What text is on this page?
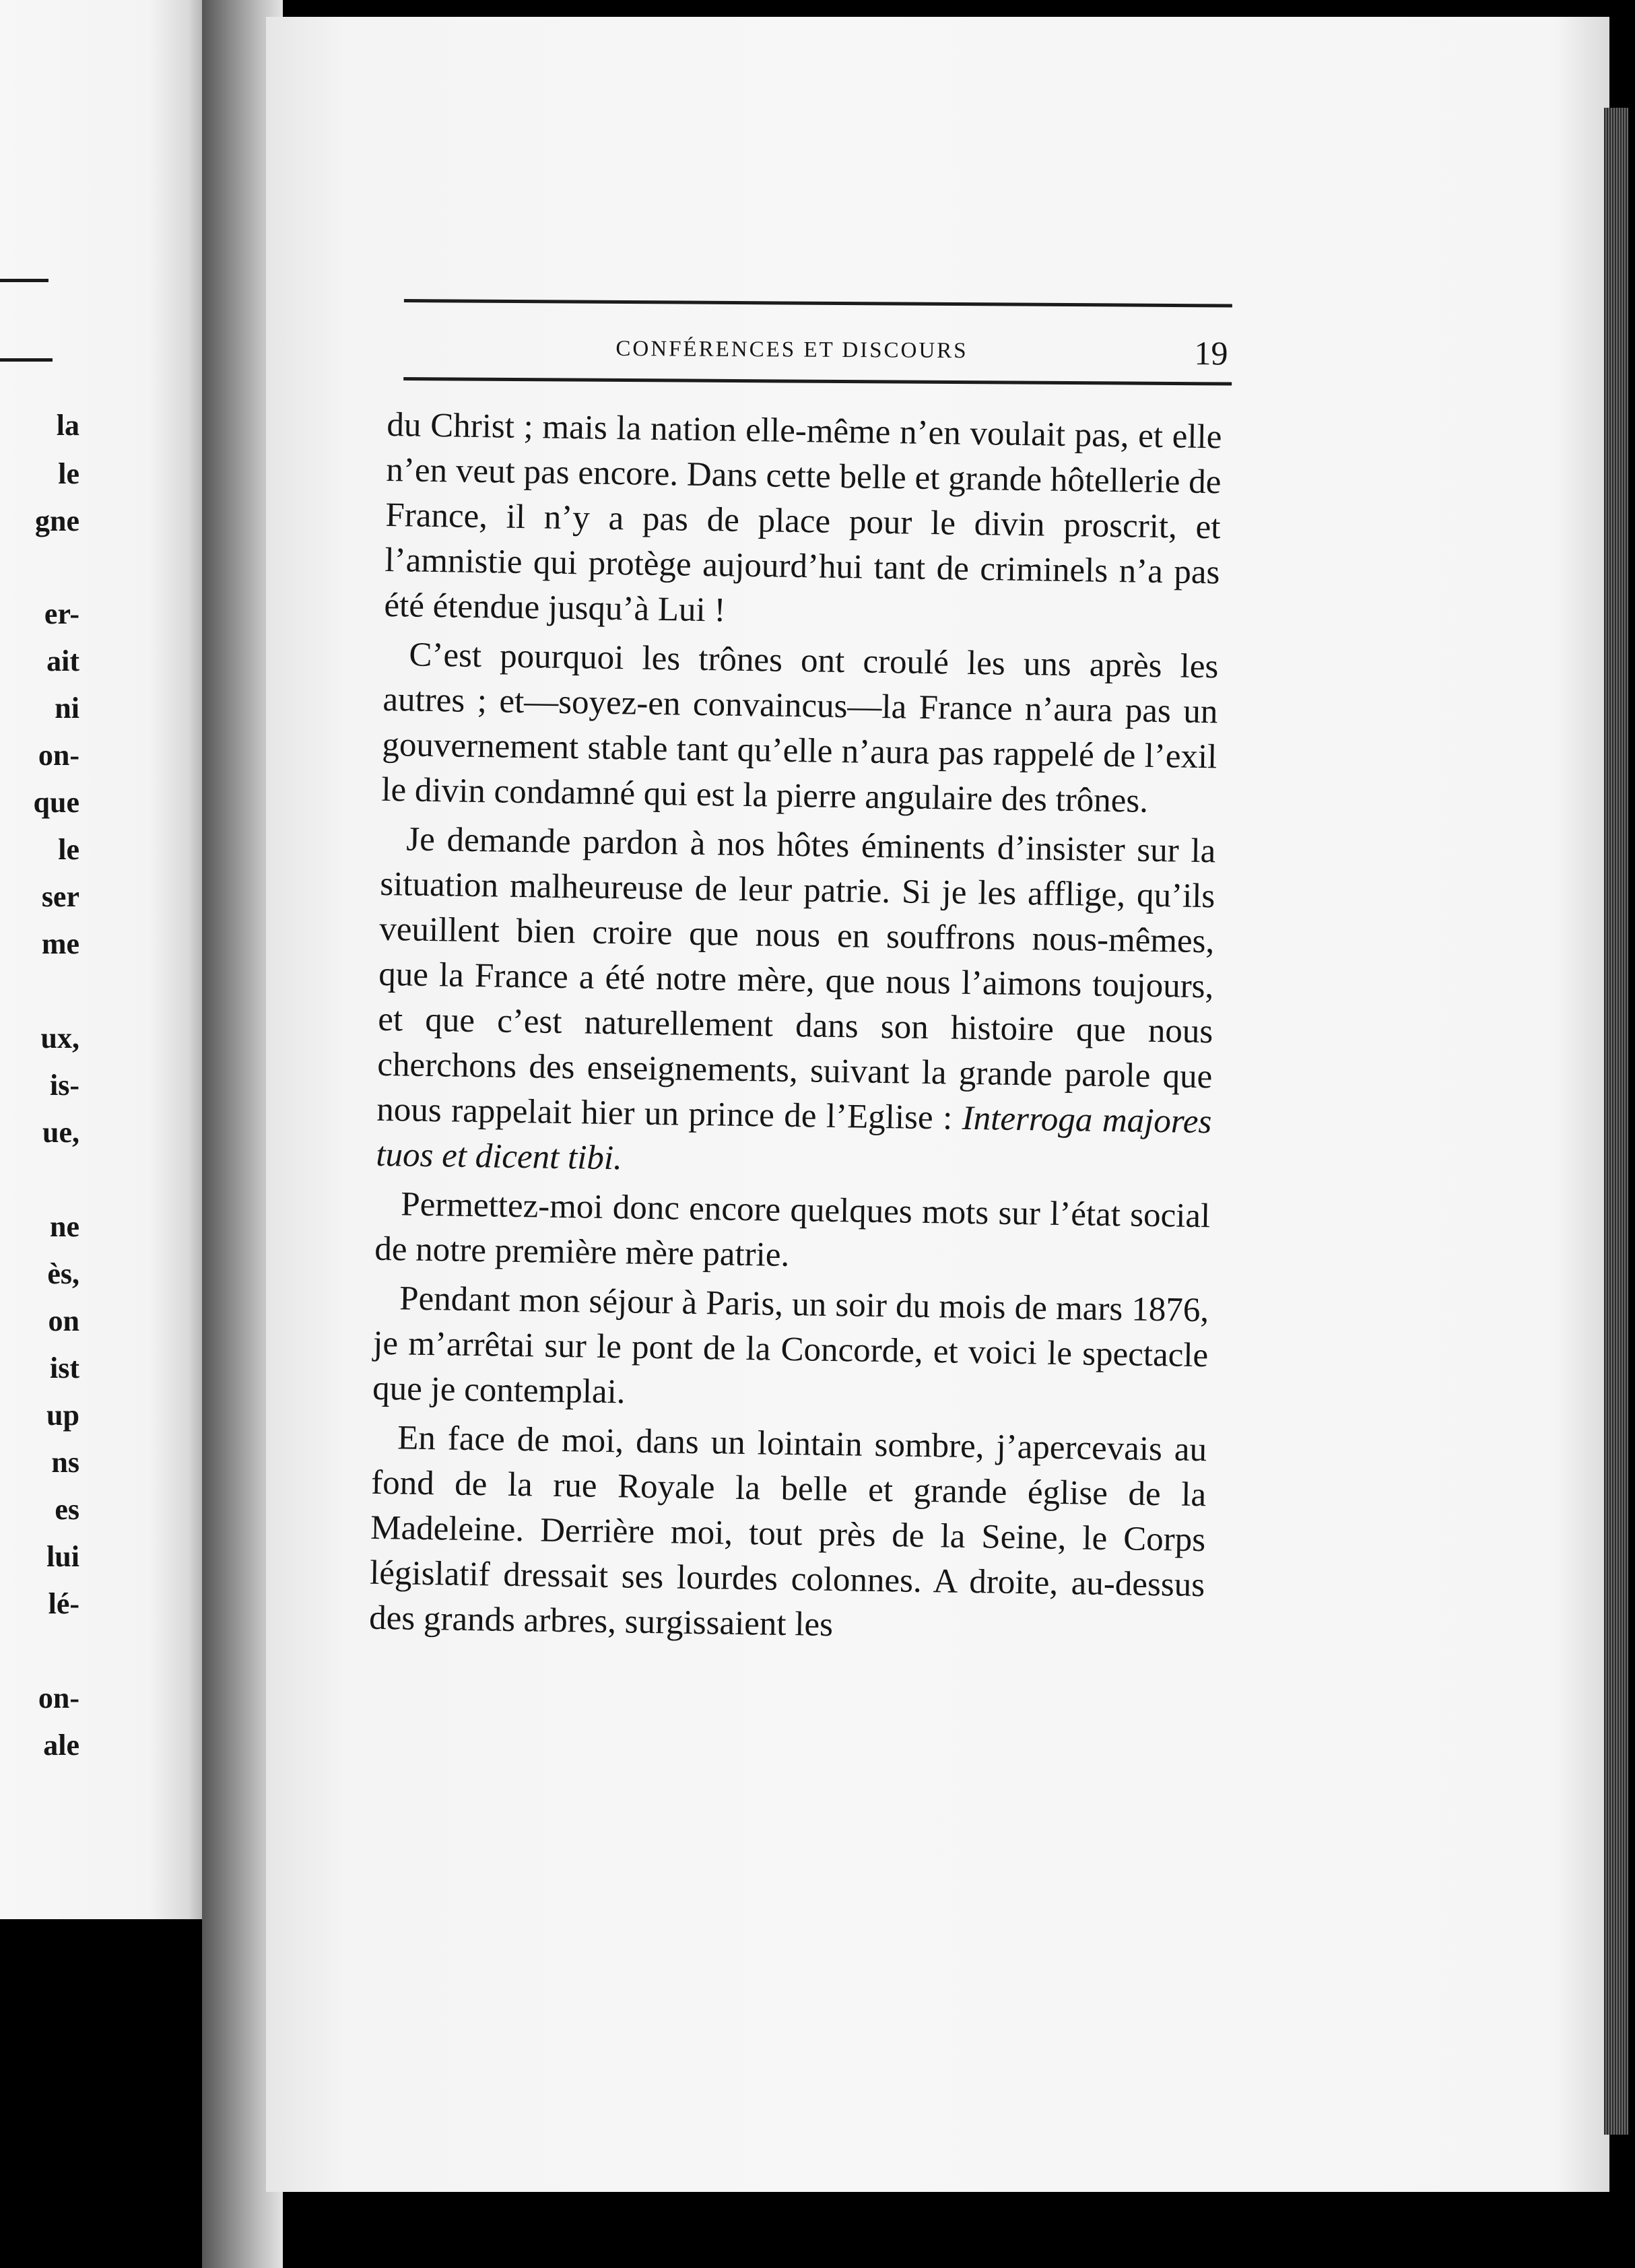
la
le
gne
er-
ait
ni
on-
que
le
ser
me
ux,
is-
ue,
ne
ès,
on
ist
up
ns
es
lui
lé-
on-
ale
CONFÉRENCES ET DISCOURS	19

du Christ ; mais la nation elle-même n’en voulait pas, et elle n’en veut pas encore. Dans cette belle et grande hôtellerie de France, il n’y a pas de place pour le divin proscrit, et l’amnistie qui protège aujourd’hui tant de criminels n’a pas été étendue jusqu’à Lui !

C’est pourquoi les trônes ont croulé les uns après les autres ; et—soyez-en convaincus—la France n’aura pas un gouvernement stable tant qu’elle n’aura pas rappelé de l’exil le divin condamné qui est la pierre angulaire des trônes.

Je demande pardon à nos hôtes éminents d’insister sur la situation malheureuse de leur patrie. Si je les afflige, qu’ils veuillent bien croire que nous en souffrons nous-mêmes, que la France a été notre mère, que nous l’aimons toujours, et que c’est naturellement dans son histoire que nous cherchons des enseignements, suivant la grande parole que nous rappelait hier un prince de l’Eglise : Interroga majores tuos et dicent tibi.

Permettez-moi donc encore quelques mots sur l’état social de notre première mère patrie.

Pendant mon séjour à Paris, un soir du mois de mars 1876, je m’arrêtai sur le pont de la Concorde, et voici le spectacle que je contemplai.

En face de moi, dans un lointain sombre, j’apercevais au fond de la rue Royale la belle et grande église de la Madeleine. Derrière moi, tout près de la Seine, le Corps législatif dressait ses lourdes colonnes. A droite, au-dessus des grands arbres, surgissaient les
